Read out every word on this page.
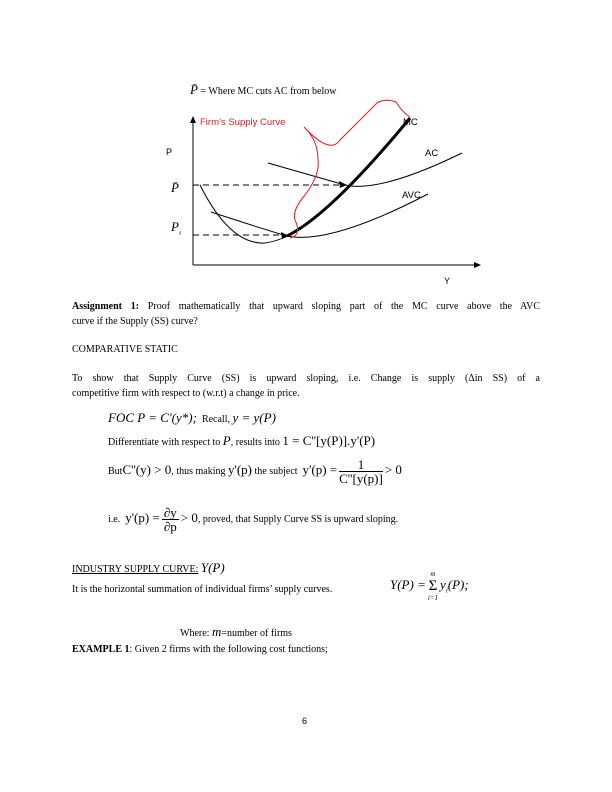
P̄ = Where MC cuts AC from below
Firm’s Supply Curve
P
P̄
$P_s$
MC
AC
AVC
Y
Assignment 1: Proof mathematically that upward sloping part of the MC curve above the AVC
curve if the Supply (SS) curve?
COMPARATIVE STATIC
To show that Supply Curve (SS) is upward sloping, i.e. Change is supply (Δin SS) of a
competitive firm with respect to (w.r.t) a change in price.
FOC P = C'(y*); Recall, y = y(P)
Differentiate with respect to P, results into 1 = C''[y(P)].y'(P)
ButC''(y) > 0, thus making y'(p) the subject $y'(p) = \frac{1}{C''[y(p)]} > 0$
i.e. $y'(p) = \frac{\partial y}{\partial p} > 0$, proved, that Supply Curve SS is upward sloping.
INDUSTRY SUPPLY CURVE: Y(P)
It is the horizontal summation of individual firms’ supply curves.	Y(P) =
m
Σ
i=1
$y_i(P)$;
Where: m=number of firms
EXAMPLE 1: Given 2 firms with the following cost functions;
6
